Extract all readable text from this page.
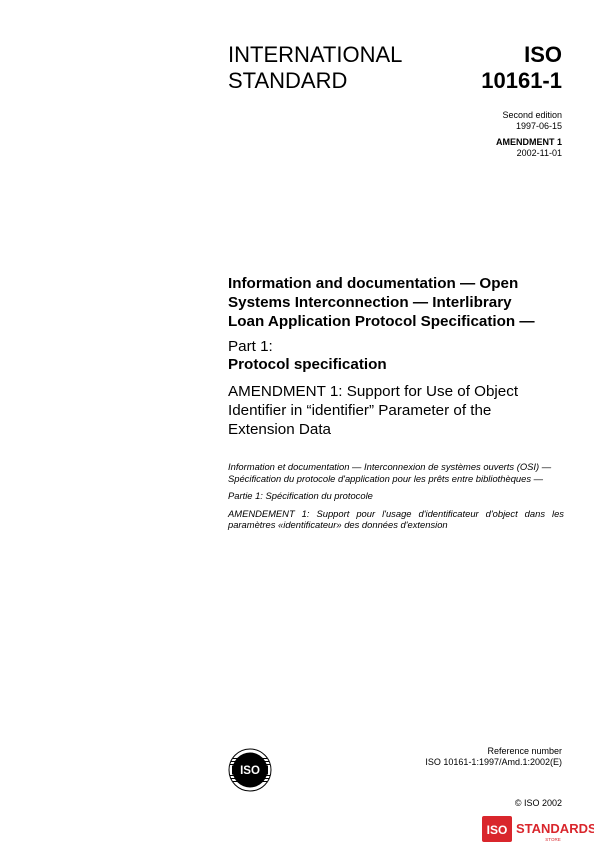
INTERNATIONAL
STANDARD
ISO
10161-1
Second edition
1997-06-15
AMENDMENT 1
2002-11-01
Information and documentation — Open
Systems Interconnection — Interlibrary
Loan Application Protocol Specification —
Part 1:
Protocol specification
AMENDMENT 1: Support for Use of Object
Identifier in “identifier” Parameter of the
Extension Data

Information et documentation — Interconnexion de systèmes ouverts (OSI) — Spécification du protocole d'application pour les prêts entre bibliothèques —

Partie 1: Spécification du protocole

AMENDEMENT 1: Support pour l'usage d'identificateur d'object dans les paramètres «identificateur» des données d'extension

ISO
Reference number
ISO 10161-1:1997/Amd.1:2002(E)
© ISO 2002
ISO STANDARDS
STORE
